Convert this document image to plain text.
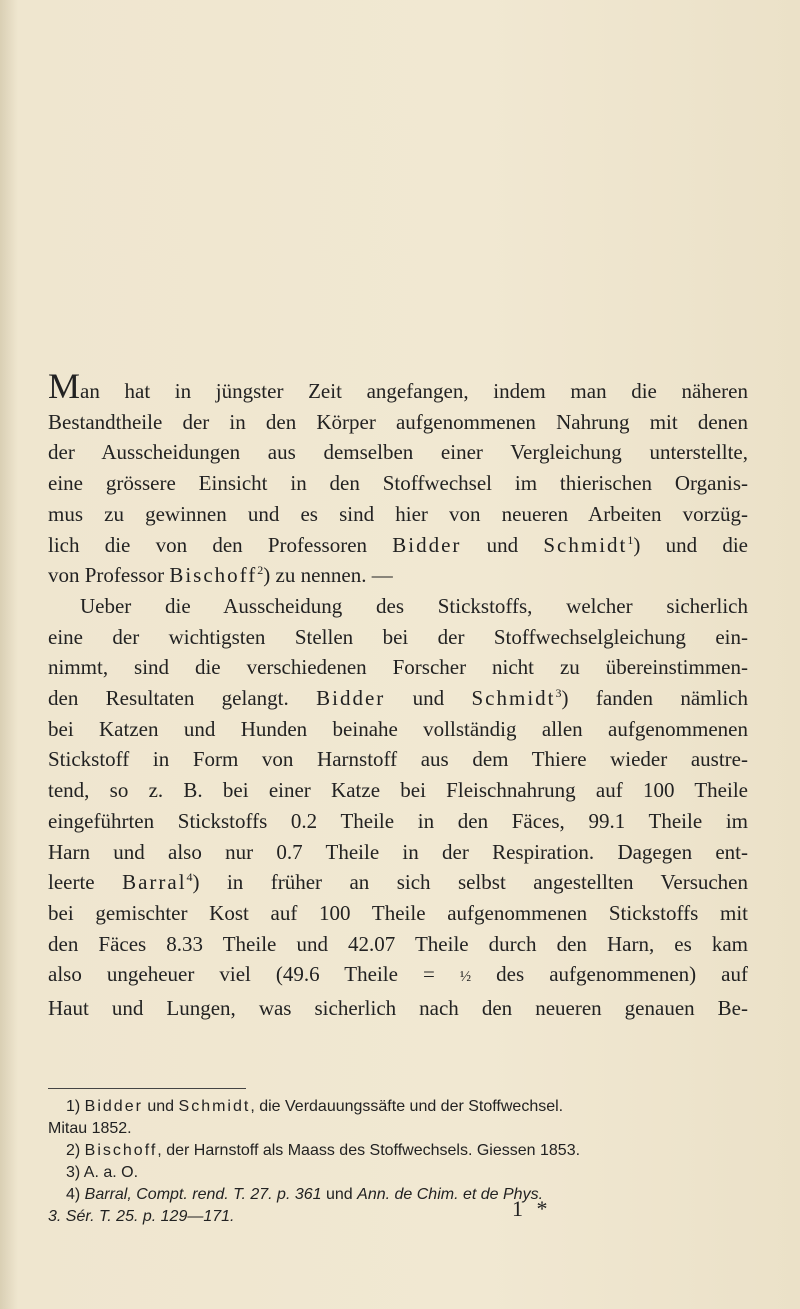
Man hat in jüngster Zeit angefangen, indem man die näheren
Bestandtheile der in den Körper aufgenommenen Nahrung mit denen
der Ausscheidungen aus demselben einer Vergleichung unterstellte,
eine grössere Einsicht in den Stoffwechsel im thierischen Organis-
mus zu gewinnen und es sind hier von neueren Arbeiten vorzüg-
lich die von den Professoren Bidder und Schmidt$^1$) und die
von Professor Bischoff$^2$) zu nennen. —
Ueber die Ausscheidung des Stickstoffs, welcher sicherlich
eine der wichtigsten Stellen bei der Stoffwechselgleichung ein-
nimmt, sind die verschiedenen Forscher nicht zu übereinstimmen-
den Resultaten gelangt. Bidder und Schmidt$^3$) fanden nämlich
bei Katzen und Hunden beinahe vollständig allen aufgenommenen
Stickstoff in Form von Harnstoff aus dem Thiere wieder austre-
tend, so z. B. bei einer Katze bei Fleischnahrung auf 100 Theile
eingeführten Stickstoffs 0.2 Theile in den Fäces, 99.1 Theile im
Harn und also nur 0.7 Theile in der Respiration. Dagegen ent-
leerte Barral$^4$) in früher an sich selbst angestellten Versuchen
bei gemischter Kost auf 100 Theile aufgenommenen Stickstoffs mit
den Fäces 8.33 Theile und 42.07 Theile durch den Harn, es kam
also ungeheuer viel (49.6 Theile = ½ des aufgenommenen) auf
Haut und Lungen, was sicherlich nach den neueren genauen Be-
1) Bidder und Schmidt, die Verdauungssäfte und der Stoffwechsel.
Mitau 1852.
2) Bischoff, der Harnstoff als Maass des Stoffwechsels. Giessen 1853.
3) A. a. O.
4) Barral, Compt. rend. T. 27. p. 361 und Ann. de Chim. et de Phys.
3. Sér. T. 25. p. 129—171.	1 *
